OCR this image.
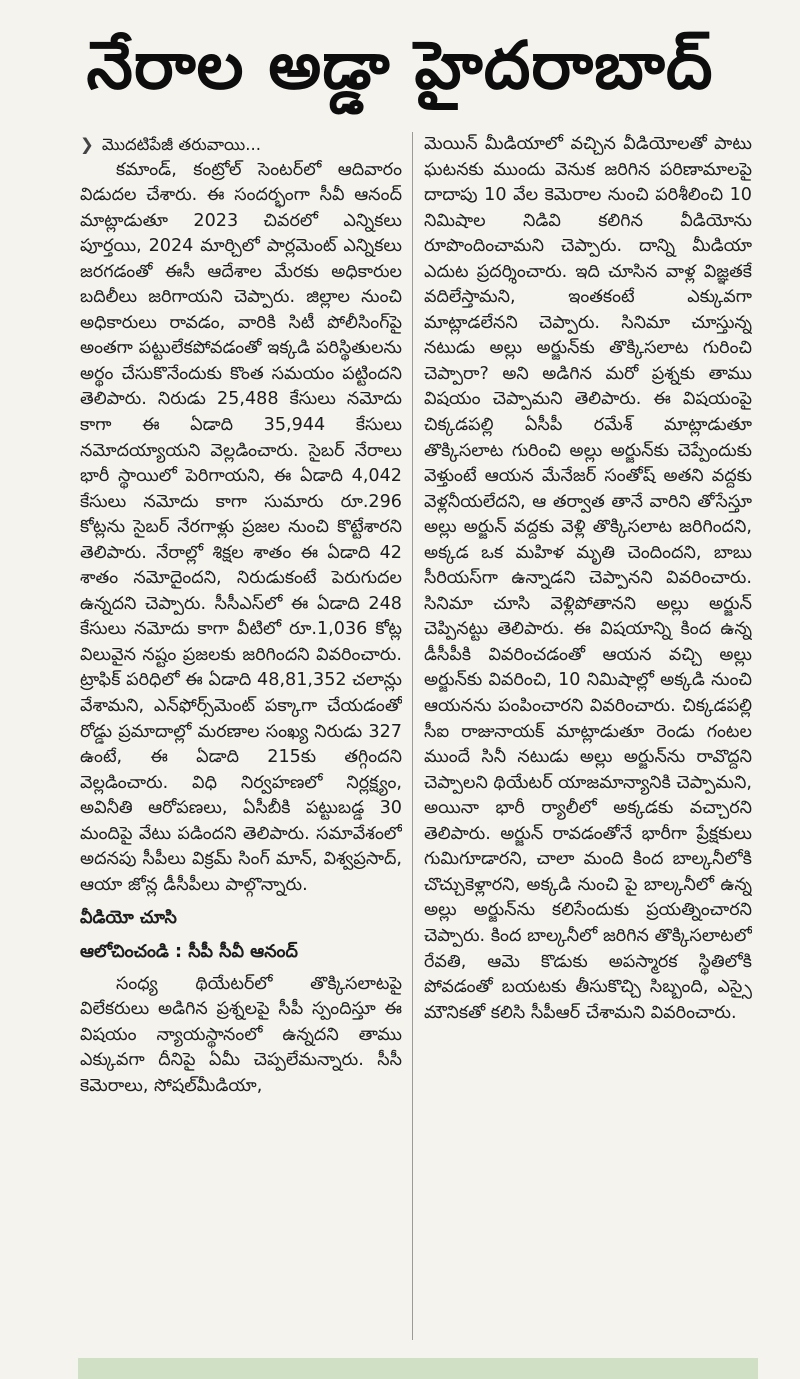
నేరాల అడ్డా హైదరాబాద్
❯ మొదటిపేజీ తరువాయి...

కమాండ్, కంట్రోల్ సెంటర్‌లో ఆదివారం విడుదల చేశారు. ఈ సందర్భంగా సీవీ ఆనంద్ మాట్లాడుతూ 2023 చివరలో ఎన్నికలు పూర్తయి, 2024 మార్చిలో పార్లమెంట్ ఎన్నికలు జరగడంతో ఈసీ ఆదేశాల మేరకు అధికారుల బదిలీలు జరిగాయని చెప్పారు. జిల్లాల నుంచి అధికారులు రావడం, వారికి సిటీ పోలీసింగ్‌పై అంతగా పట్టులేకపోవడంతో ఇక్కడి పరిస్థితులను అర్థం చేసుకొనేందుకు కొంత సమయం పట్టిందని తెలిపారు. నిరుడు 25,488 కేసులు నమోదు కాగా ఈ ఏడాది 35,944 కేసులు నమోదయ్యాయని వెల్లడించారు. సైబర్ నేరాలు భారీ స్థాయిలో పెరిగాయని, ఈ ఏడాది 4,042 కేసులు నమోదు కాగా సుమారు రూ.296 కోట్లను సైబర్ నేరగాళ్లు ప్రజల నుంచి కొట్టేశారని తెలిపారు. నేరాల్లో శిక్షల శాతం ఈ ఏడాది 42 శాతం నమోదైందని, నిరుడుకంటే పెరుగుదల ఉన్నదని చెప్పారు. సీసీఎస్‌లో ఈ ఏడాది 248 కేసులు నమోదు కాగా వీటిలో రూ.1,036 కోట్ల విలువైన నష్టం ప్రజలకు జరిగిందని వివరించారు. ట్రాఫిక్ పరిధిలో ఈ ఏడాది 48,81,352 చలాన్లు వేశామని, ఎన్‌ఫోర్స్‌మెంట్ పక్కాగా చేయడంతో రోడ్డు ప్రమాదాల్లో మరణాల సంఖ్య నిరుడు 327 ఉంటే, ఈ ఏడాది 215కు తగ్గిందని వెల్లడించారు. విధి నిర్వహణలో నిర్లక్ష్యం, అవినీతి ఆరోపణలు, ఏసీబీకి పట్టుబడ్డ 30 మందిపై వేటు పడిందని తెలిపారు. సమావేశంలో అదనపు సీపీలు విక్రమ్ సింగ్ మాన్, విశ్వప్రసాద్, ఆయా జోన్ల డీసీపీలు పాల్గొన్నారు.

వీడియో చూసి
ఆలోచించండి : సీపీ సీవీ ఆనంద్

సంధ్య థియేటర్‌లో తొక్కిసలాటపై విలేకరులు అడిగిన ప్రశ్నలపై సీపీ స్పందిస్తూ ఈ విషయం న్యాయస్థానంలో ఉన్నదని తాము ఎక్కువగా దీనిపై ఏమీ చెప్పలేమన్నారు. సీసీ కెమెరాలు, సోషల్‌మీడియా,

మెయిన్ మీడియాలో వచ్చిన వీడియోలతో పాటు ఘటనకు ముందు వెనుక జరిగిన పరిణామాలపై దాదాపు 10 వేల కెమెరాల నుంచి పరిశీలించి 10 నిమిషాల నిడివి కలిగిన వీడియోను రూపొందించామని చెప్పారు. దాన్ని మీడియా ఎదుట ప్రదర్శించారు. ఇది చూసిన వాళ్ల విజ్ఞతకే వదిలేస్తామని, ఇంతకంటే ఎక్కువగా మాట్లాడలేనని చెప్పారు. సినిమా చూస్తున్న నటుడు అల్లు అర్జున్‌కు తొక్కిసలాట గురించి చెప్పారా? అని అడిగిన మరో ప్రశ్నకు తాము విషయం చెప్పామని తెలిపారు. ఈ విషయంపై చిక్కడపల్లి ఏసీపీ రమేశ్ మాట్లాడుతూ తొక్కిసలాట గురించి అల్లు అర్జున్‌కు చెప్పేందుకు వెళ్తుంటే ఆయన మేనేజర్ సంతోష్ అతని వద్దకు వెళ్లనీయలేదని, ఆ తర్వాత తానే వారిని తోసేస్తూ అల్లు అర్జున్ వద్దకు వెళ్లి తొక్కిసలాట జరిగిందని, అక్కడ ఒక మహిళ మృతి చెందిందని, బాబు సీరియస్‌గా ఉన్నాడని చెప్పానని వివరించారు. సినిమా చూసి వెళ్లిపోతానని అల్లు అర్జున్ చెప్పినట్టు తెలిపారు. ఈ విషయాన్ని కింద ఉన్న డీసీపీకి వివరించడంతో ఆయన వచ్చి అల్లు అర్జున్‌కు వివరించి, 10 నిమిషాల్లో అక్కడి నుంచి ఆయనను పంపించారని వివరించారు. చిక్కడపల్లి సీఐ రాజునాయక్ మాట్లాడుతూ రెండు గంటల ముందే సినీ నటుడు అల్లు అర్జున్‌ను రావొద్దని చెప్పాలని థియేటర్ యాజమాన్యానికి చెప్పామని, అయినా భారీ ర్యాలీలో అక్కడకు వచ్చారని తెలిపారు. అర్జున్ రావడంతోనే భారీగా ప్రేక్షకులు గుమిగూడారని, చాలా మంది కింద బాల్కనీలోకి చొచ్చుకెళ్లారని, అక్కడి నుంచి పై బాల్కనీలో ఉన్న అల్లు అర్జున్‌ను కలిసేందుకు ప్రయత్నించారని చెప్పారు. కింద బాల్కనీలో జరిగిన తొక్కిసలాటలో రేవతి, ఆమె కొడుకు అపస్మారక స్థితిలోకి పోవడంతో బయటకు తీసుకొచ్చి సిబ్బంది, ఎస్సై మౌనికతో కలిసి సీపీఆర్ చేశామని వివరించారు.
